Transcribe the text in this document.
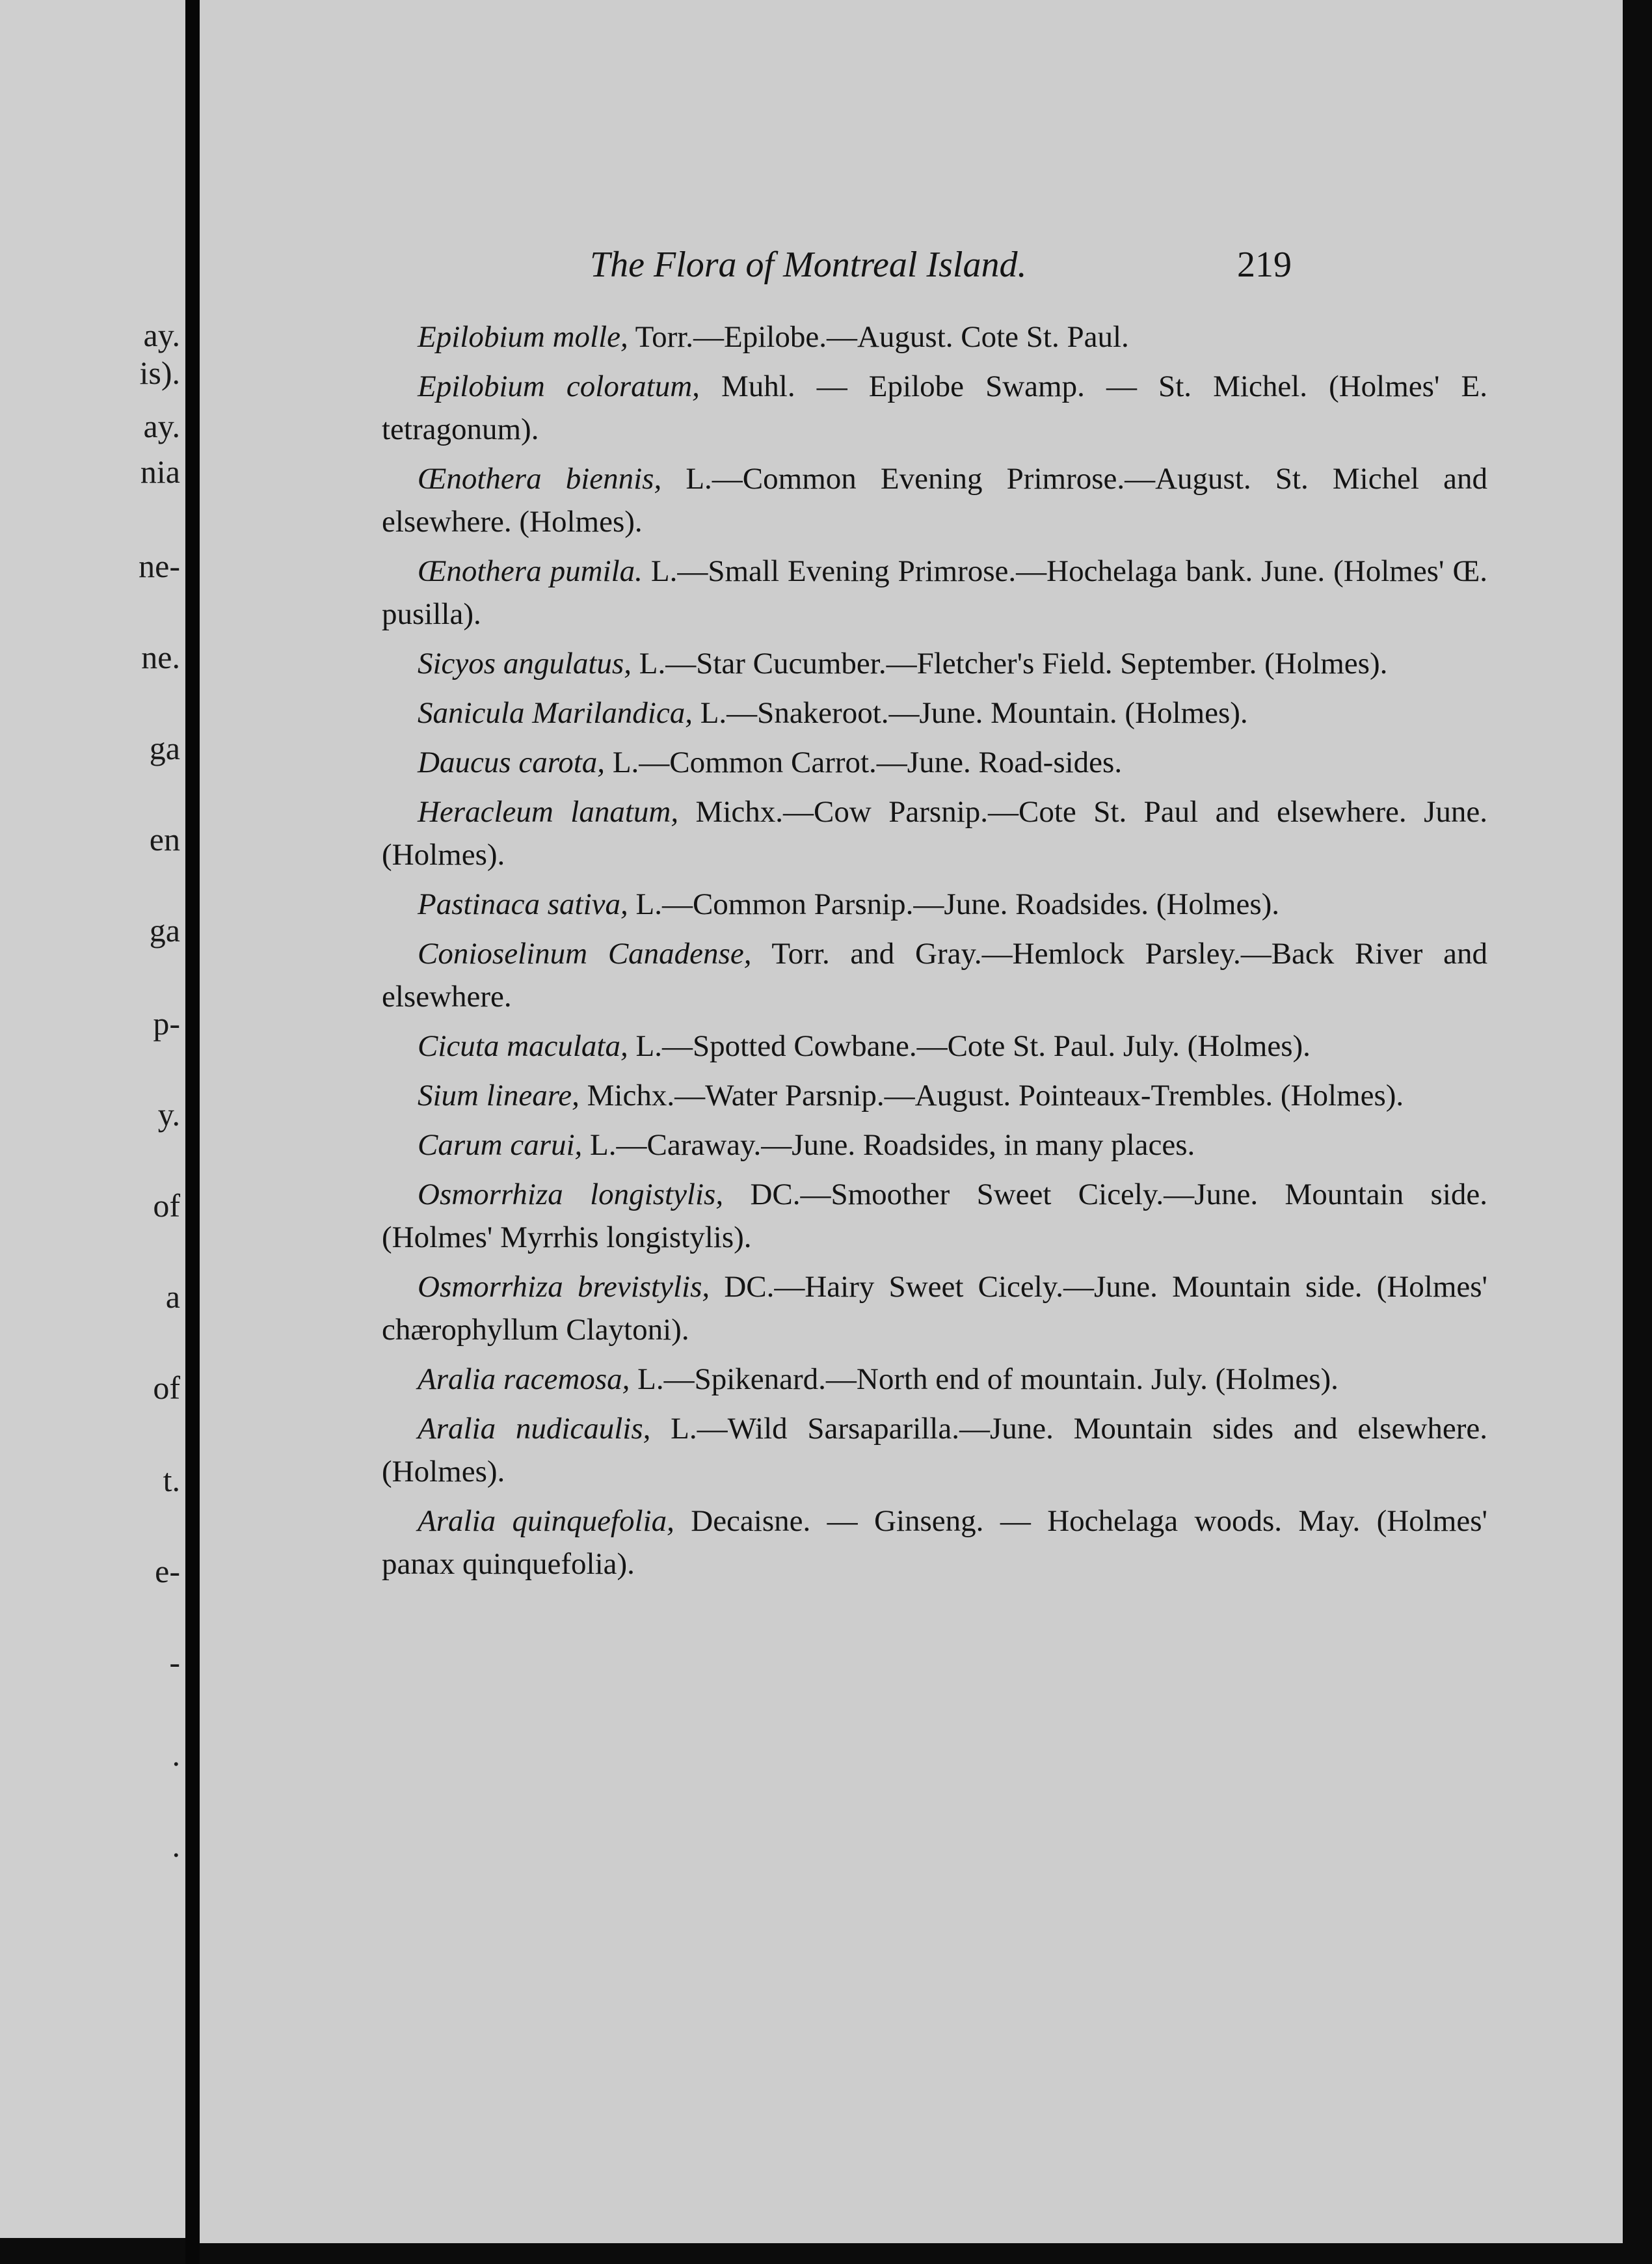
ay.
is).
ay.
nia
ne-
ne.
ga
en
ga
p-
y.
of
a
of
t.
e-
-
.
.
The Flora of Montreal Island.	219

Epilobium molle, Torr.—Epilobe.—August. Cote St. Paul.

Epilobium coloratum, Muhl. — Epilobe Swamp. — St. Michel. (Holmes' E. tetragonum).

Œnothera biennis, L.—Common Evening Primrose.—August. St. Michel and elsewhere. (Holmes).

Œnothera pumila. L.—Small Evening Primrose.—Hochelaga bank. June. (Holmes' Œ. pusilla).

Sicyos angulatus, L.—Star Cucumber.—Fletcher's Field. September. (Holmes).

Sanicula Marilandica, L.—Snakeroot.—June. Mountain. (Holmes).

Daucus carota, L.—Common Carrot.—June. Road-sides.

Heracleum lanatum, Michx.—Cow Parsnip.—Cote St. Paul and elsewhere. June. (Holmes).

Pastinaca sativa, L.—Common Parsnip.—June. Roadsides. (Holmes).

Conioselinum Canadense, Torr. and Gray.—Hemlock Parsley.—Back River and elsewhere.

Cicuta maculata, L.—Spotted Cowbane.—Cote St. Paul. July. (Holmes).

Sium lineare, Michx.—Water Parsnip.—August. Pointeaux-Trembles. (Holmes).

Carum carui, L.—Caraway.—June. Roadsides, in many places.

Osmorrhiza longistylis, DC.—Smoother Sweet Cicely.—June. Mountain side. (Holmes' Myrrhis longistylis).

Osmorrhiza brevistylis, DC.—Hairy Sweet Cicely.—June. Mountain side. (Holmes' chærophyllum Claytoni).

Aralia racemosa, L.—Spikenard.—North end of mountain. July. (Holmes).

Aralia nudicaulis, L.—Wild Sarsaparilla.—June. Mountain sides and elsewhere. (Holmes).

Aralia quinquefolia, Decaisne. — Ginseng. — Hochelaga woods. May. (Holmes' panax quinquefolia).
